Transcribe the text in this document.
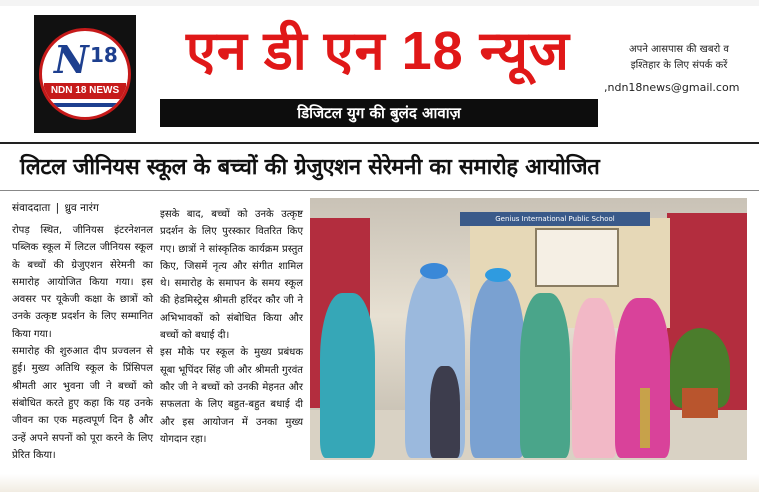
N 18
NDN 18 NEWS
एन डी एन 18 न्यूज
डिजिटल युग की बुलंद आवाज़
अपने आसपास की खबरो व
इश्तिहार के लिए संपर्क करें
,ndn18news@gmail.com
लिटल जीनियस स्कूल के बच्चों की ग्रेजुएशन सेरेमनी का समारोह आयोजित
संवाददाता | ध्रुव नारंग

रोपड़ स्थित, जीनियस इंटरनेशनल पब्लिक स्कूल में लिटल जीनियस स्कूल के बच्चों की ग्रेजुएशन सेरेमनी का समारोह आयोजित किया गया। इस अवसर पर यूकेजी कक्षा के छात्रों को उनके उत्कृष्ट प्रदर्शन के लिए सम्मानित किया गया।

समारोह की शुरुआत दीप प्रज्वलन से हुई। मुख्य अतिथि स्कूल के प्रिंसिपल श्रीमती आर भुवना जी ने बच्चों को संबोधित करते हुए कहा कि यह उनके जीवन का एक महत्वपूर्ण दिन है और उन्हें अपने सपनों को पूरा करने के लिए प्रेरित किया।

इसके बाद, बच्चों को उनके उत्कृष्ट प्रदर्शन के लिए पुरस्कार वितरित किए गए। छात्रों ने सांस्कृतिक कार्यक्रम प्रस्तुत किए, जिसमें नृत्य और संगीत शामिल थे। समारोह के समापन के समय स्कूल की हेडमिस्ट्रेस श्रीमती हरिंदर कौर जी ने अभिभावकों को संबोधित किया और बच्चों को बधाई दी।

इस मौके पर स्कूल के मुख्य प्रबंधक सूबा भूपिंदर सिंह जी और श्रीमती गुरवंत कौर जी ने बच्चों को उनकी मेहनत और सफलता के लिए बहुत-बहुत बधाई दी और इस आयोजन में उनका मुख्य योगदान रहा।

Genius International Public School
